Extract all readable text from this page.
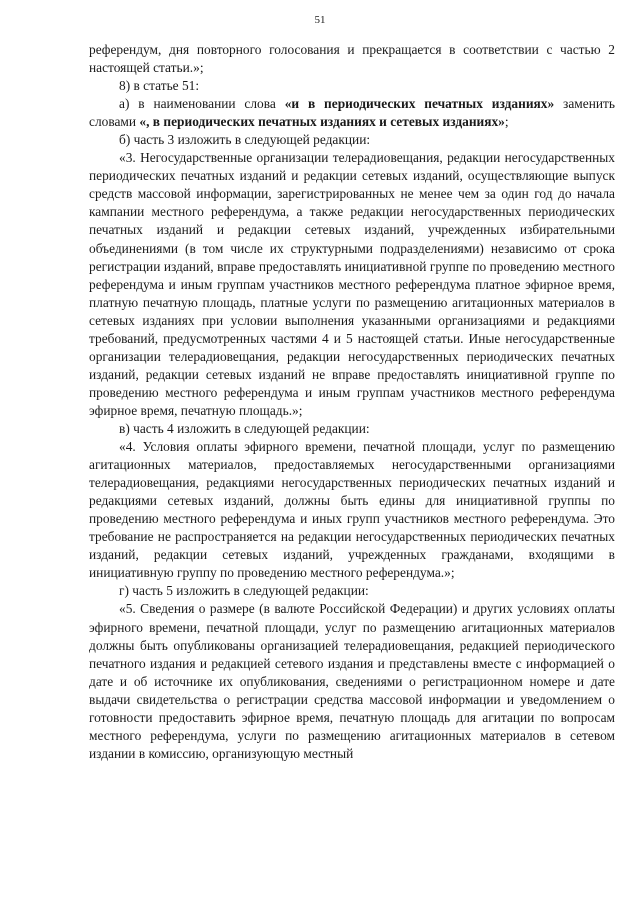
51

референдум, дня повторного голосования и прекращается в соответствии с частью 2 настоящей статьи.»;

8) в статье 51:

а) в наименовании слова «и в периодических печатных изданиях» заменить словами «, в периодических печатных изданиях и сетевых изданиях»;

б) часть 3 изложить в следующей редакции:

«3. Негосударственные организации телерадиовещания, редакции негосударственных периодических печатных изданий и редакции сетевых изданий, осуществляющие выпуск средств массовой информации, зарегистрированных не менее чем за один год до начала кампании местного референдума, а также редакции негосударственных периодических печатных изданий и редакции сетевых изданий, учрежденных избирательными объединениями (в том числе их структурными подразделениями) независимо от срока регистрации изданий, вправе предоставлять инициативной группе по проведению местного референдума и иным группам участников местного референдума платное эфирное время, платную печатную площадь, платные услуги по размещению агитационных материалов в сетевых изданиях при условии выполнения указанными организациями и редакциями требований, предусмотренных частями 4 и 5 настоящей статьи. Иные негосударственные организации телерадиовещания, редакции негосударственных периодических печатных изданий, редакции сетевых изданий не вправе предоставлять инициативной группе по проведению местного референдума и иным группам участников местного референдума эфирное время, печатную площадь.»;

в) часть 4 изложить в следующей редакции:

«4. Условия оплаты эфирного времени, печатной площади, услуг по размещению агитационных материалов, предоставляемых негосударственными организациями телерадиовещания, редакциями негосударственных периодических печатных изданий и редакциями сетевых изданий, должны быть едины для инициативной группы по проведению местного референдума и иных групп участников местного референдума. Это требование не распространяется на редакции негосударственных периодических печатных изданий, редакции сетевых изданий, учрежденных гражданами, входящими в инициативную группу по проведению местного референдума.»;

г) часть 5 изложить в следующей редакции:

«5. Сведения о размере (в валюте Российской Федерации) и других условиях оплаты эфирного времени, печатной площади, услуг по размещению агитационных материалов должны быть опубликованы организацией телерадиовещания, редакцией периодического печатного издания и редакцией сетевого издания и представлены вместе с информацией о дате и об источнике их опубликования, сведениями о регистрационном номере и дате выдачи свидетельства о регистрации средства массовой информации и уведомлением о готовности предоставить эфирное время, печатную площадь для агитации по вопросам местного референдума, услуги по размещению агитационных материалов в сетевом издании в комиссию, организующую местный
